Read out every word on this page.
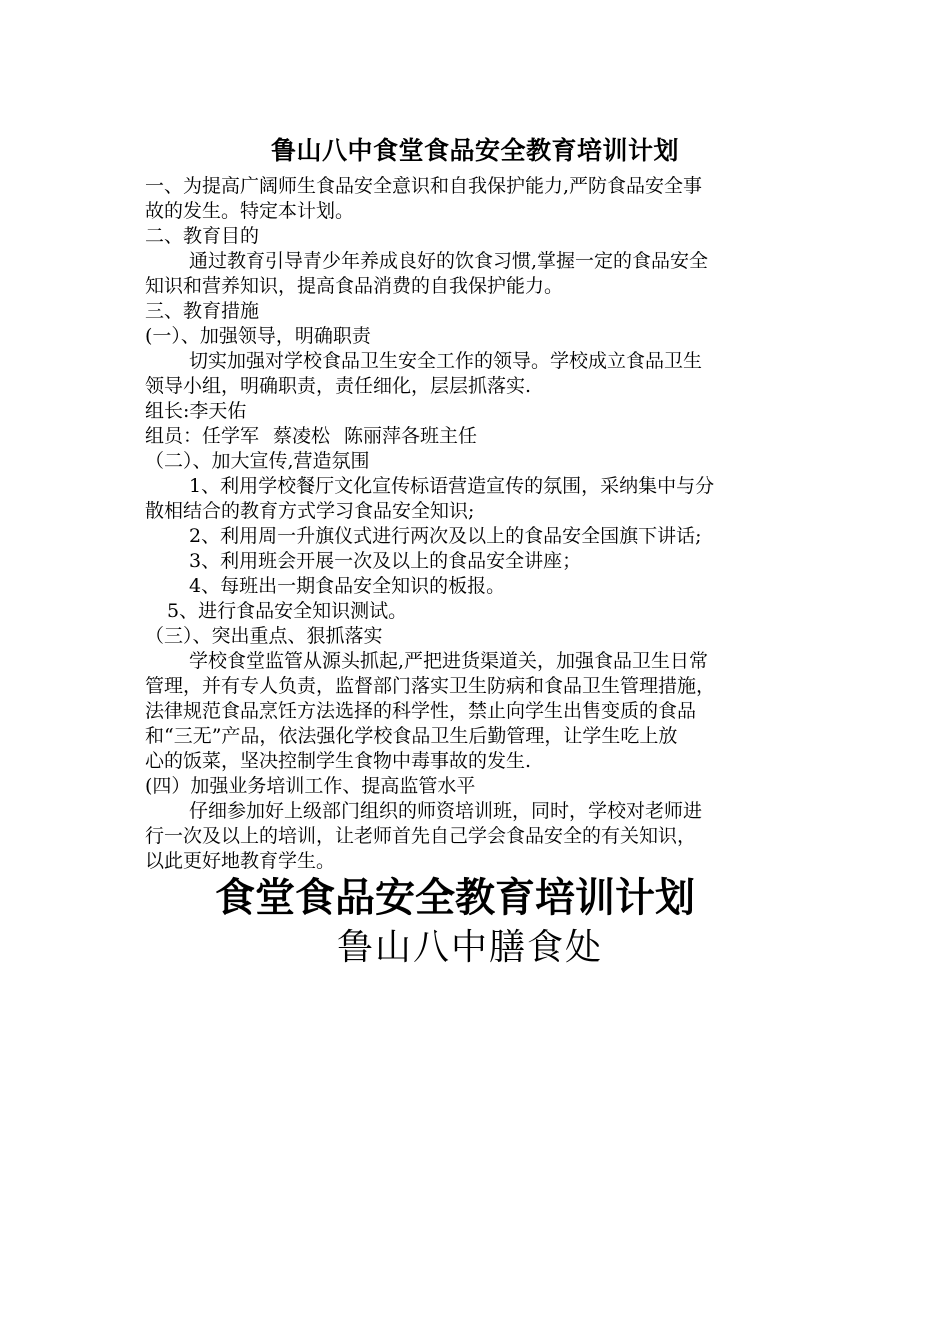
鲁山八中食堂食品安全教育培训计划
一、为提高广阔师生食品安全意识和自我保护能力,严防食品安全事
故的发生。特定本计划。
二、教育目的
通过教育引导青少年养成良好的饮食习惯,掌握一定的食品安全
知识和营养知识，提高食品消费的自我保护能力。
三、教育措施
(一）、加强领导，明确职责
切实加强对学校食品卫生安全工作的领导。学校成立食品卫生
领导小组，明确职责，责任细化，层层抓落实.
组长:李天佑
组员：任学军 蔡凌松 陈丽萍各班主任
（二）、加大宣传,营造氛围
1、利用学校餐厅文化宣传标语营造宣传的氛围，采纳集中与分
散相结合的教育方式学习食品安全知识;
2、利用周一升旗仪式进行两次及以上的食品安全国旗下讲话;
3、利用班会开展一次及以上的食品安全讲座；
4、每班出一期食品安全知识的板报。
5、进行食品安全知识测试。
（三）、突出重点、狠抓落实
学校食堂监管从源头抓起,严把进货渠道关，加强食品卫生日常
管理，并有专人负责，监督部门落实卫生防病和食品卫生管理措施，
法律规范食品烹饪方法选择的科学性，禁止向学生出售变质的食品
和“三无”产品，依法强化学校食品卫生后勤管理，让学生吃上放
心的饭菜，坚决控制学生食物中毒事故的发生.
(四）加强业务培训工作、提高监管水平
仔细参加好上级部门组织的师资培训班，同时，学校对老师进
行一次及以上的培训，让老师首先自己学会食品安全的有关知识，
以此更好地教育学生。
食堂食品安全教育培训计划
鲁山八中膳食处
